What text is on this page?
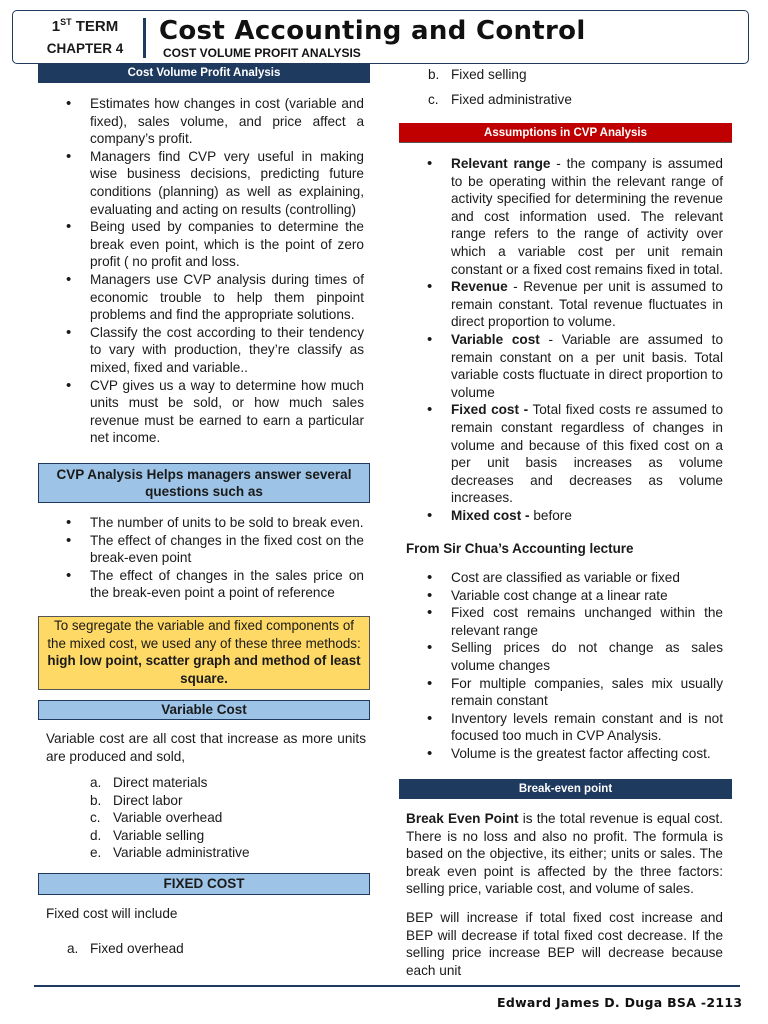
1ST TERM
CHAPTER 4
Cost Accounting and Control
COST VOLUME PROFIT ANALYSIS
Cost Volume Profit Analysis
• Estimates how changes in cost (variable and fixed), sales volume, and price affect a company’s profit.
• Managers find CVP very useful in making wise business decisions, predicting future conditions (planning) as well as explaining, evaluating and acting on results (controlling)
• Being used by companies to determine the break even point, which is the point of zero profit ( no profit and loss.
• Managers use CVP analysis during times of economic trouble to help them pinpoint problems and find the appropriate solutions.
• Classify the cost according to their tendency to vary with production, they’re classify as mixed, fixed and variable..
• CVP gives us a way to determine how much units must be sold, or how much sales revenue must be earned to earn a particular net income.
CVP Analysis Helps managers answer several questions such as
• The number of units to be sold to break even.
• The effect of changes in the fixed cost on the break-even point
• The effect of changes in the sales price on the break-even point a point of reference
To segregate the variable and fixed components of the mixed cost, we used any of these three methods: high low point, scatter graph and method of least square.
Variable Cost

Variable cost are all cost that increase as more units are produced and sold,

a. Direct materials
b. Direct labor
c. Variable overhead
d. Variable selling
e. Variable administrative
FIXED COST

Fixed cost will include

a. Fixed overhead
b. Fixed selling
c. Fixed administrative
Assumptions in CVP Analysis
• Relevant range - the company is assumed to be operating within the relevant range of activity specified for determining the revenue and cost information used. The relevant range refers to the range of activity over which a variable cost per unit remain constant or a fixed cost remains fixed in total.
• Revenue - Revenue per unit is assumed to remain constant. Total revenue fluctuates in direct proportion to volume.
• Variable cost - Variable are assumed to remain constant on a per unit basis. Total variable costs fluctuate in direct proportion to volume
• Fixed cost - Total fixed costs re assumed to remain constant regardless of changes in volume and because of this fixed cost on a per unit basis increases as volume decreases and decreases as volume increases.
• Mixed cost - before
From Sir Chua’s Accounting lecture
• Cost are classified as variable or fixed
• Variable cost change at a linear rate
• Fixed cost remains unchanged within the relevant range
• Selling prices do not change as sales volume changes
• For multiple companies, sales mix usually remain constant
• Inventory levels remain constant and is not focused too much in CVP Analysis.
• Volume is the greatest factor affecting cost.
Break-even point

Break Even Point is the total revenue is equal cost. There is no loss and also no profit. The formula is based on the objective, its either; units or sales. The break even point is affected by the three factors: selling price, variable cost, and volume of sales.

BEP will increase if total fixed cost increase and BEP will decrease if total fixed cost decrease. If the selling price increase BEP will decrease because each unit

Edward James D. Duga BSA -2113
